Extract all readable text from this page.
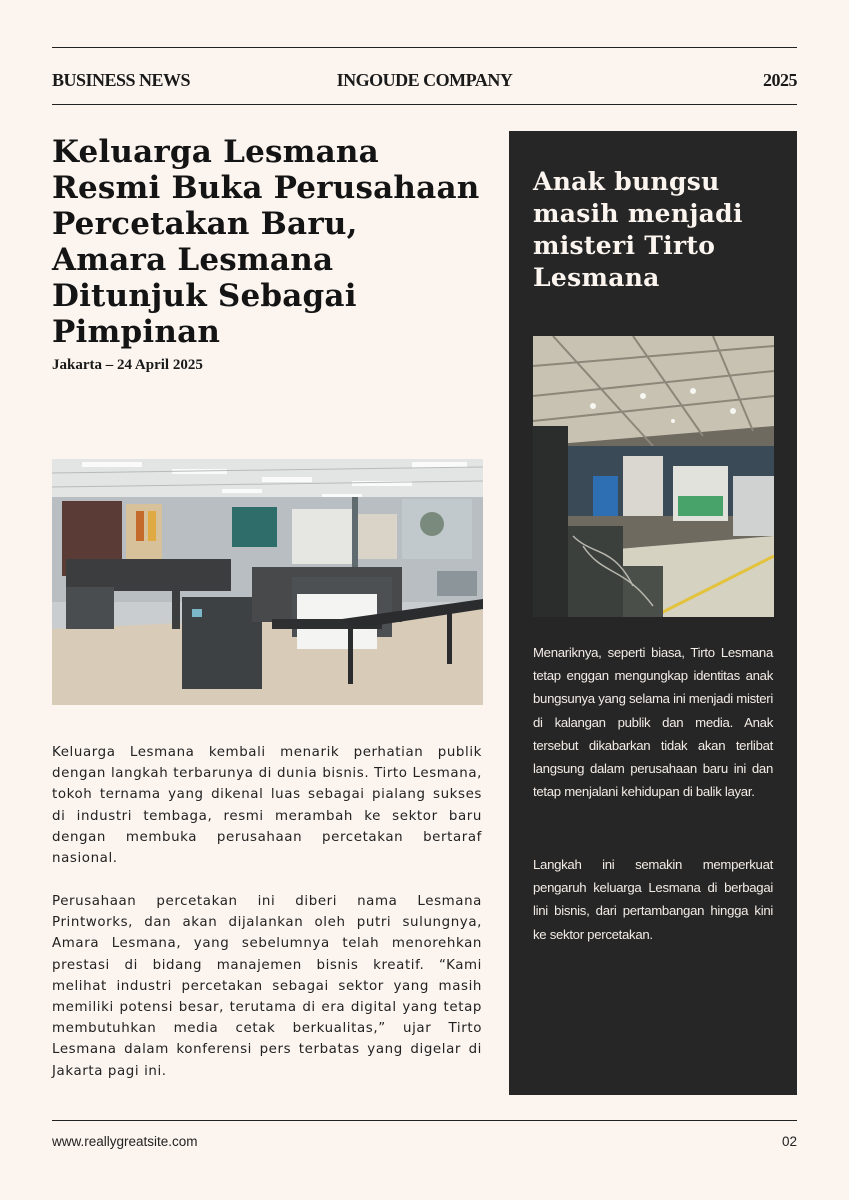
BUSINESS NEWS	INGOUDE COMPANY	2025
Keluarga Lesmana Resmi Buka Perusahaan Percetakan Baru, Amara Lesmana Ditunjuk Sebagai Pimpinan
Jakarta – 24 April 2025

Keluarga Lesmana kembali menarik perhatian publik dengan langkah terbarunya di dunia bisnis. Tirto Lesmana, tokoh ternama yang dikenal luas sebagai pialang sukses di industri tembaga, resmi merambah ke sektor baru dengan membuka perusahaan percetakan bertaraf nasional.

Perusahaan percetakan ini diberi nama Lesmana Printworks, dan akan dijalankan oleh putri sulungnya, Amara Lesmana, yang sebelumnya telah menorehkan prestasi di bidang manajemen bisnis kreatif. “Kami melihat industri percetakan sebagai sektor yang masih memiliki potensi besar, terutama di era digital yang tetap membutuhkan media cetak berkualitas,” ujar Tirto Lesmana dalam konferensi pers terbatas yang digelar di Jakarta pagi ini.

Anak bungsu masih menjadi misteri Tirto Lesmana

Menariknya, seperti biasa, Tirto Lesmana tetap enggan mengungkap identitas anak bungsunya yang selama ini menjadi misteri di kalangan publik dan media. Anak tersebut dikabarkan tidak akan terlibat langsung dalam perusahaan baru ini dan tetap menjalani kehidupan di balik layar.

Langkah ini semakin memperkuat pengaruh keluarga Lesmana di berbagai lini bisnis, dari pertambangan hingga kini ke sektor percetakan.

www.reallygreatsite.com	02
